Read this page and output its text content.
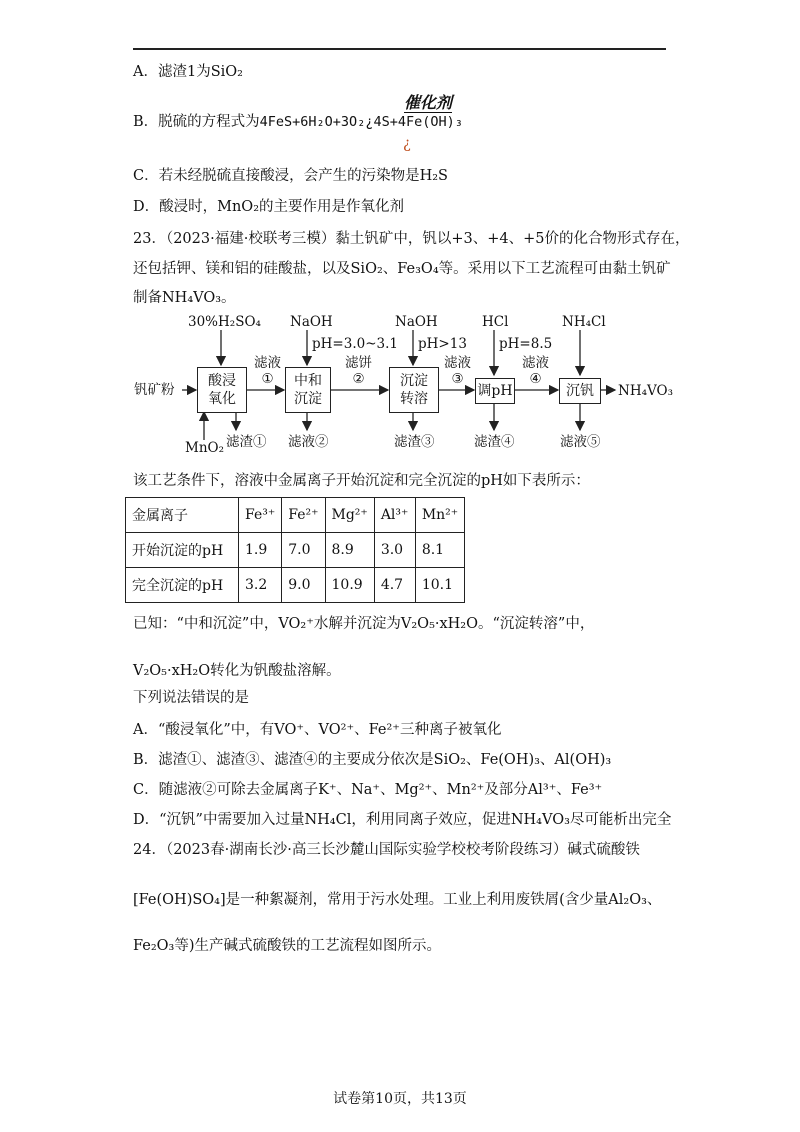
A．滤渣1为SiO₂
催化剂
B．脱硫的方程式为4FeS+6H₂O+3O₂¿4S+4Fe(OH)₃
¿
C．若未经脱硫直接酸浸，会产生的污染物是H₂S
D．酸浸时，MnO₂的主要作用是作氧化剂
23．（2023·福建·校联考三模）黏土钒矿中，钒以+3、+4、+5价的化合物形式存在，
还包括钾、镁和铝的硅酸盐，以及SiO₂、Fe₃O₄等。采用以下工艺流程可由黏土钒矿
制备NH₄VO₃。
30%H₂SO₄ NaOH	NaOH	HCl	NH₄Cl
pH=3.0~3.1 pH>13 pH=8.5
钒矿粉
酸浸
氧化
中和
沉淀
沉淀
转溶	调pH	沉钒
滤液
①
滤饼
②
滤液
③
滤液
④
NH₄VO₃
MnO₂ 滤渣① 滤液②	滤渣③	滤渣④	滤液⑤
该工艺条件下，溶液中金属离子开始沉淀和完全沉淀的pH如下表所示：
金属离子	Fe³⁺	Fe²⁺	Mg²⁺	Al³⁺	Mn²⁺
开始沉淀的pH	1.9	7.0	8.9	3.0	8.1
完全沉淀的pH	3.2	9.0	10.9	4.7	10.1
已知：“中和沉淀”中，VO₂⁺水解并沉淀为V₂O₅·xH₂O。“沉淀转溶”中，
V₂O₅·xH₂O转化为钒酸盐溶解。
下列说法错误的是
A．“酸浸氧化”中，有VO⁺、VO²⁺、Fe²⁺三种离子被氧化
B．滤渣①、滤渣③、滤渣④的主要成分依次是SiO₂、Fe(OH)₃、Al(OH)₃
C．随滤液②可除去金属离子K⁺、Na⁺、Mg²⁺、Mn²⁺及部分Al³⁺、Fe³⁺
D．“沉钒”中需要加入过量NH₄Cl，利用同离子效应，促进NH₄VO₃尽可能析出完全
24．（2023春·湖南长沙·高三长沙麓山国际实验学校校考阶段练习）碱式硫酸铁
[Fe(OH)SO₄]是一种絮凝剂，常用于污水处理。工业上利用废铁屑(含少量Al₂O₃、
Fe₂O₃等)生产碱式硫酸铁的工艺流程如图所示。
试卷第10页，共13页
